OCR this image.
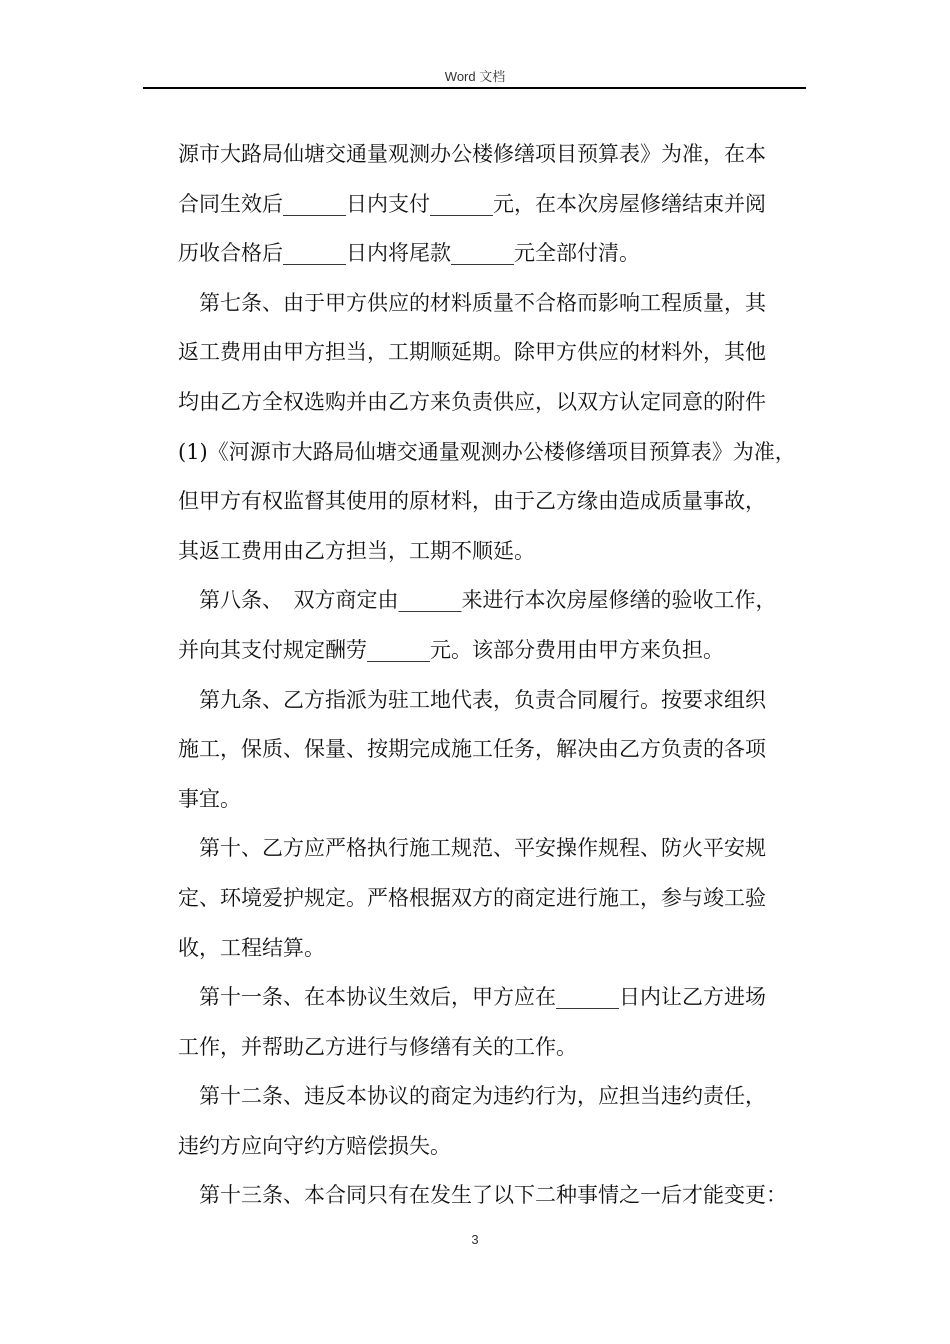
Word 文档
源市大路局仙塘交通量观测办公楼修缮项目预算表》为准，在本
合同生效后______日内支付______元，在本次房屋修缮结束并阅
历收合格后______日内将尾款______元全部付清。
第七条、由于甲方供应的材料质量不合格而影响工程质量，其
返工费用由甲方担当，工期顺延期。除甲方供应的材料外，其他
均由乙方全权选购并由乙方来负责供应，以双方认定同意的附件
(1)《河源市大路局仙塘交通量观测办公楼修缮项目预算表》为准，
但甲方有权监督其使用的原材料，由于乙方缘由造成质量事故，
其返工费用由乙方担当，工期不顺延。
第八条、　双方商定由______来进行本次房屋修缮的验收工作，
并向其支付规定酬劳______元。该部分费用由甲方来负担。
第九条、乙方指派为驻工地代表，负责合同履行。按要求组织
施工，保质、保量、按期完成施工任务，解决由乙方负责的各项
事宜。
第十、乙方应严格执行施工规范、平安操作规程、防火平安规
定、环境爱护规定。严格根据双方的商定进行施工，参与竣工验
收，工程结算。
第十一条、在本协议生效后，甲方应在______日内让乙方进场
工作，并帮助乙方进行与修缮有关的工作。
第十二条、违反本协议的商定为违约行为，应担当违约责任，
违约方应向守约方赔偿损失。
第十三条、本合同只有在发生了以下二种事情之一后才能变更：
3
